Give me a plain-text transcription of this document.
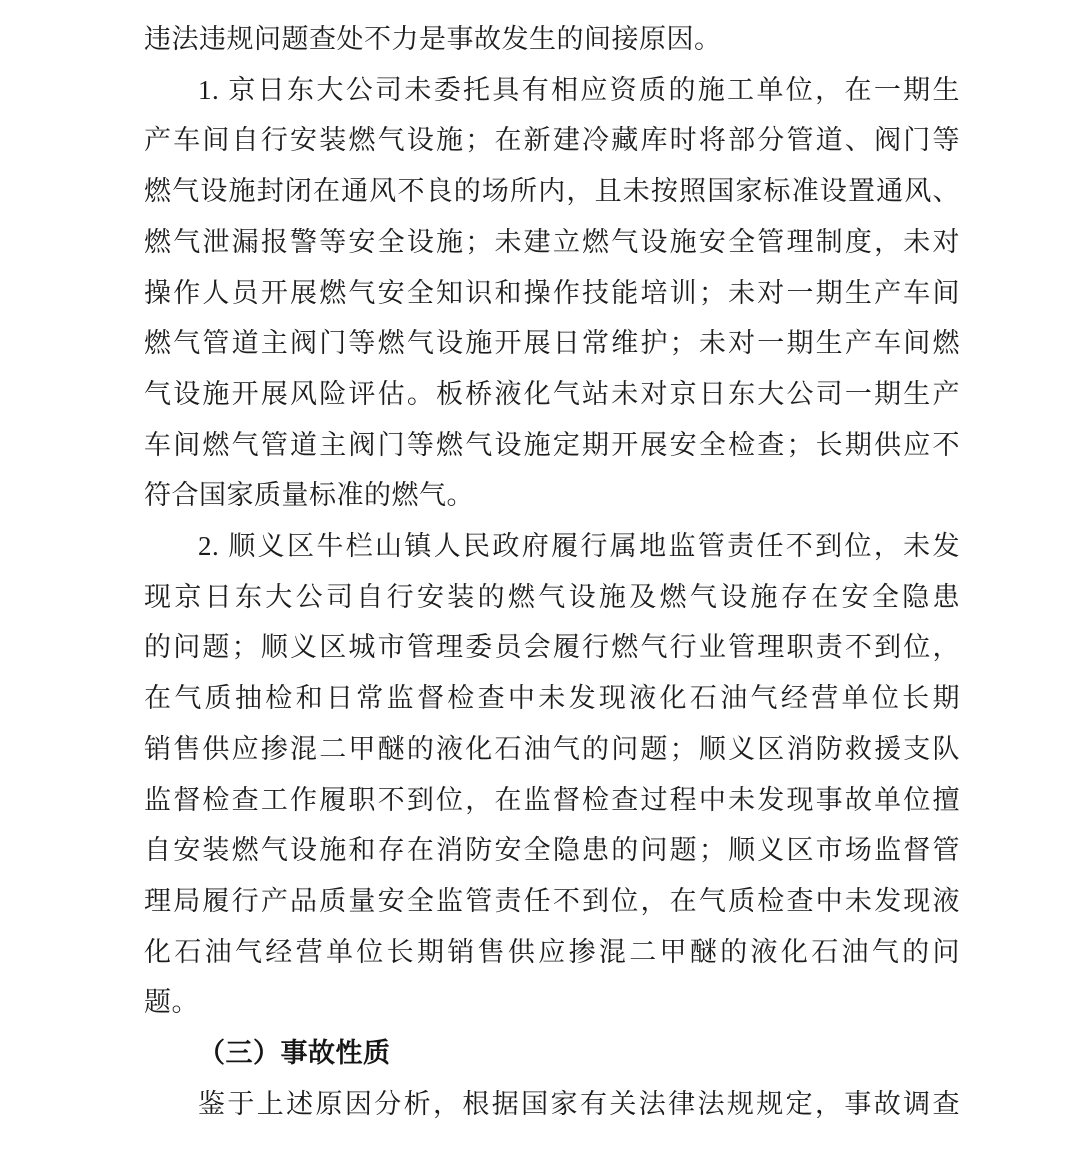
违法违规问题查处不力是事故发生的间接原因。
1. 京日东大公司未委托具有相应资质的施工单位，在一期生
产车间自行安装燃气设施；在新建冷藏库时将部分管道、阀门等
燃气设施封闭在通风不良的场所内，且未按照国家标准设置通风、
燃气泄漏报警等安全设施；未建立燃气设施安全管理制度，未对
操作人员开展燃气安全知识和操作技能培训；未对一期生产车间
燃气管道主阀门等燃气设施开展日常维护；未对一期生产车间燃
气设施开展风险评估。板桥液化气站未对京日东大公司一期生产
车间燃气管道主阀门等燃气设施定期开展安全检查；长期供应不
符合国家质量标准的燃气。
2. 顺义区牛栏山镇人民政府履行属地监管责任不到位，未发
现京日东大公司自行安装的燃气设施及燃气设施存在安全隐患
的问题；顺义区城市管理委员会履行燃气行业管理职责不到位，
在气质抽检和日常监督检查中未发现液化石油气经营单位长期
销售供应掺混二甲醚的液化石油气的问题；顺义区消防救援支队
监督检查工作履职不到位，在监督检查过程中未发现事故单位擅
自安装燃气设施和存在消防安全隐患的问题；顺义区市场监督管
理局履行产品质量安全监管责任不到位，在气质检查中未发现液
化石油气经营单位长期销售供应掺混二甲醚的液化石油气的问
题。
（三）事故性质
鉴于上述原因分析，根据国家有关法律法规规定，事故调查
